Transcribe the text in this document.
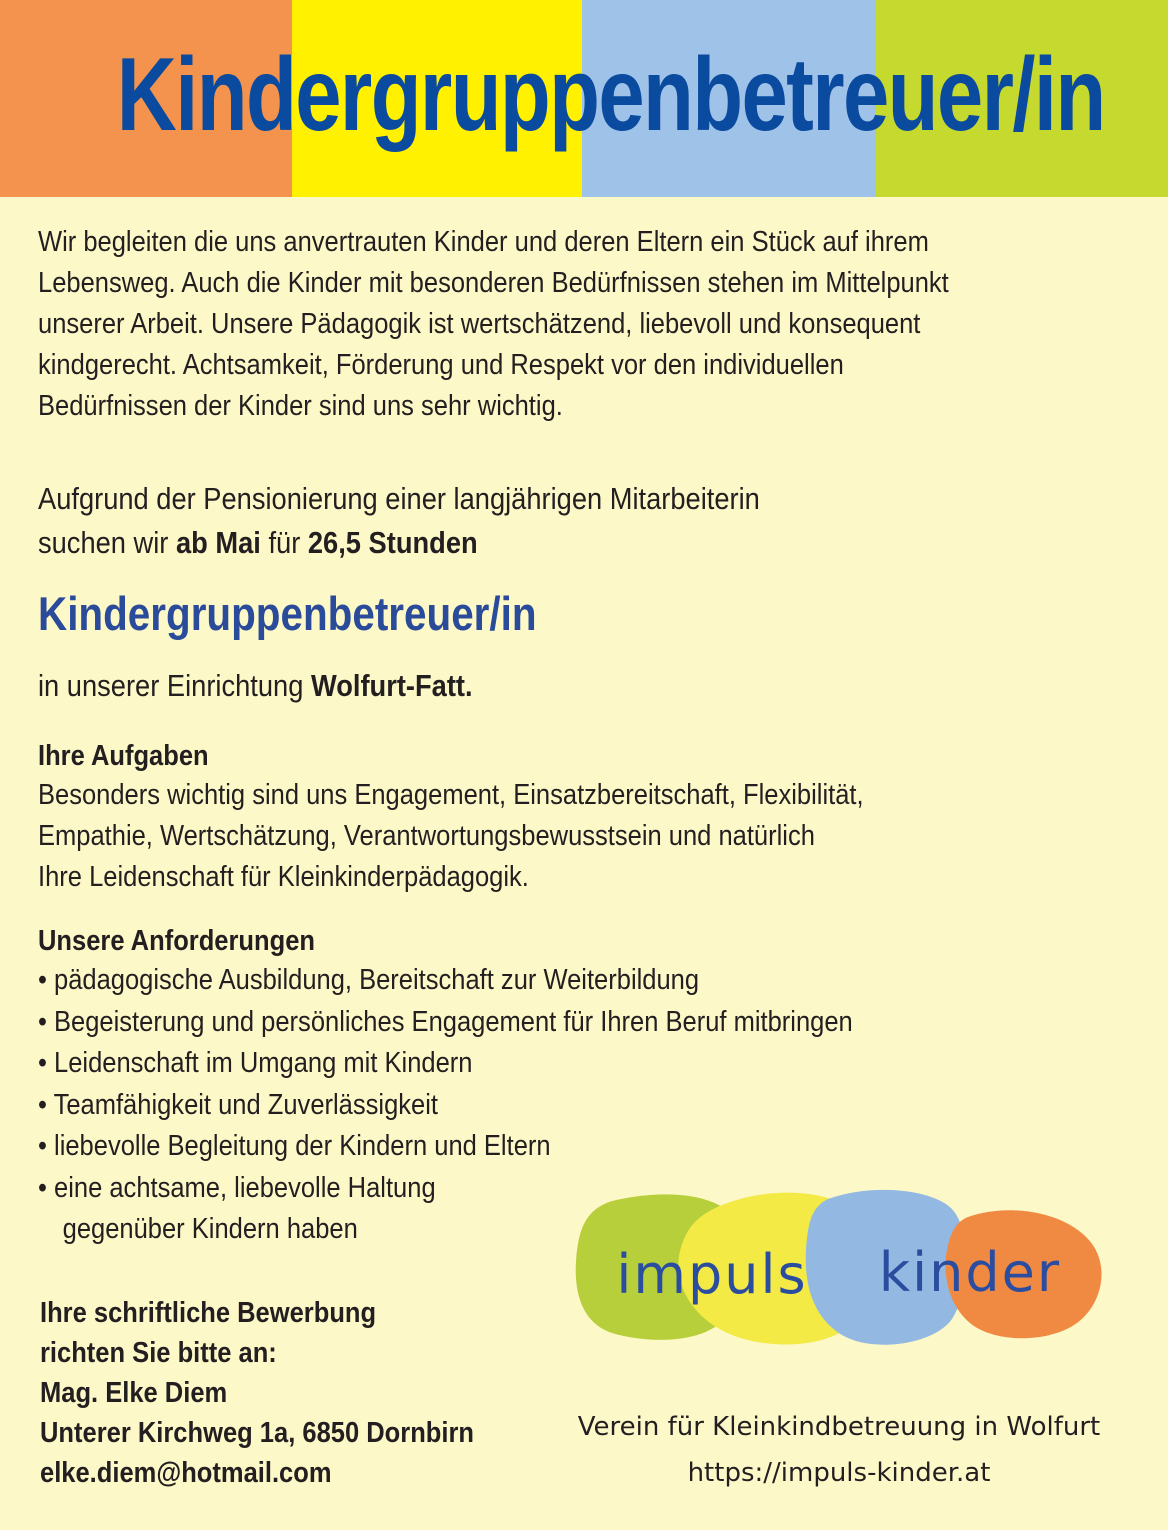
Kindergruppenbetreuer/in

Wir begleiten die uns anvertrauten Kinder und deren Eltern ein Stück auf ihrem

Lebensweg. Auch die Kinder mit besonderen Bedürfnissen stehen im Mittelpunkt

unserer Arbeit. Unsere Pädagogik ist wertschätzend, liebevoll und konsequent

kindgerecht. Achtsamkeit, Förderung und Respekt vor den individuellen

Bedürfnissen der Kinder sind uns sehr wichtig.

Aufgrund der Pensionierung einer langjährigen Mitarbeiterin

suchen wir ab Mai für 26,5 Stunden

Kindergruppenbetreuer/in

in unserer Einrichtung Wolfurt-Fatt.

Ihre Aufgaben

Besonders wichtig sind uns Engagement, Einsatzbereitschaft, Flexibilität,

Empathie, Wertschätzung, Verantwortungsbewusstsein und natürlich

Ihre Leidenschaft für Kleinkinderpädagogik.

Unsere Anforderungen

• pädagogische Ausbildung, Bereitschaft zur Weiterbildung
• Begeisterung und persönliches Engagement für Ihren Beruf mitbringen
• Leidenschaft im Umgang mit Kindern
• Teamfähigkeit und Zuverlässigkeit
• liebevolle Begleitung der Kindern und Eltern
• eine achtsame, liebevolle Haltung
gegenüber Kindern haben
Ihre schriftliche Bewerbung
richten Sie bitte an:
Mag. Elke Diem
Unterer Kirchweg 1a, 6850 Dornbirn
elke.diem@hotmail.com
impuls kinder
Verein für Kleinkindbetreuung in Wolfurt
https://impuls-kinder.at
